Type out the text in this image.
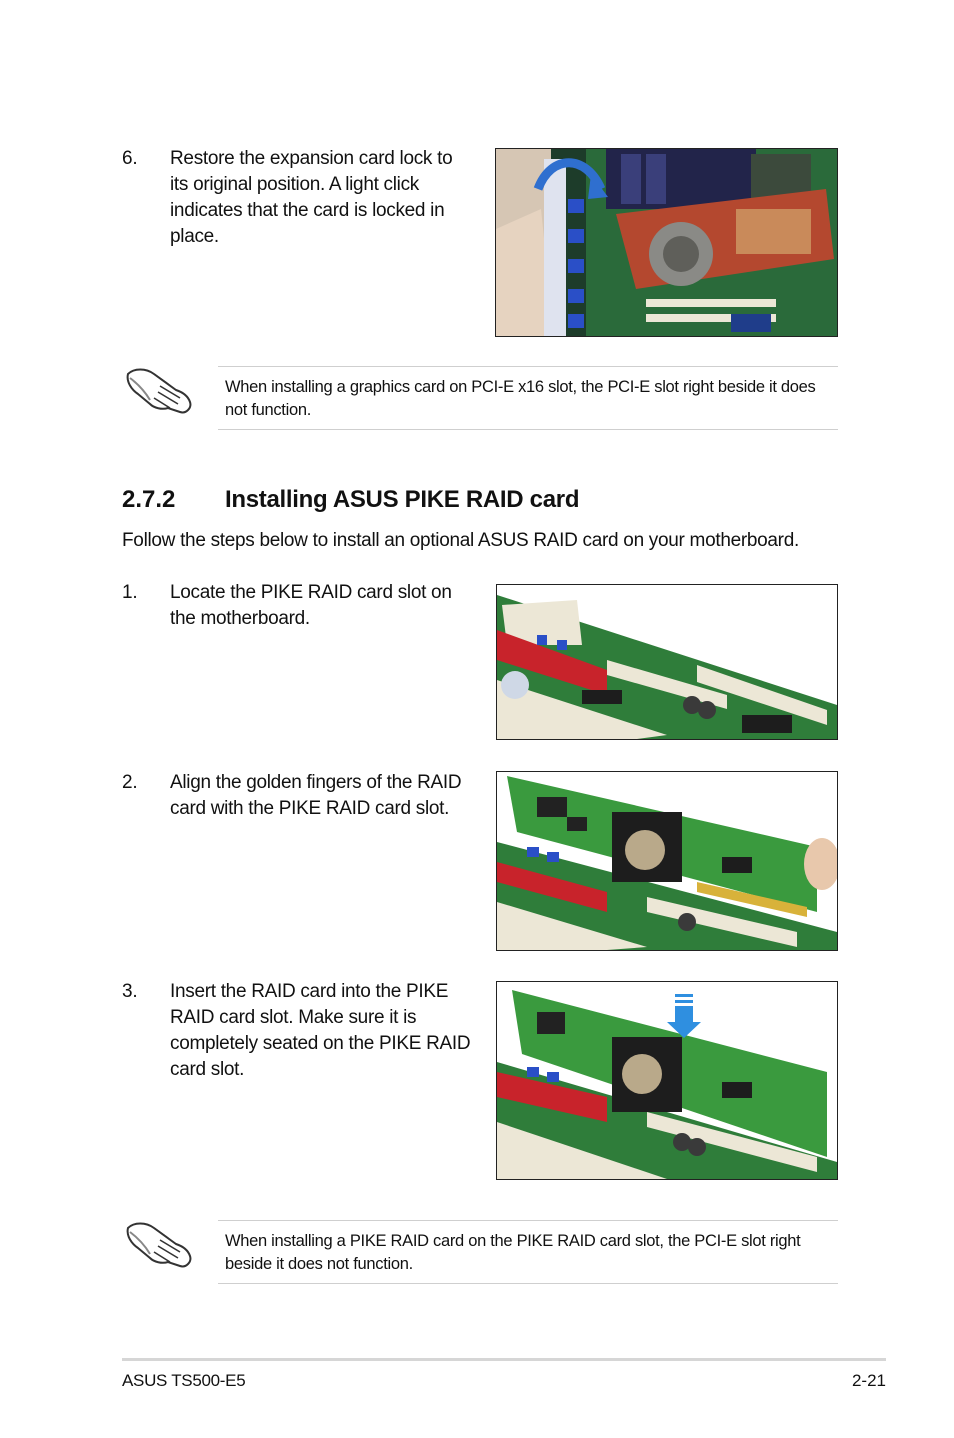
6. Restore the expansion card lock to its original position. A light click indicates that the card is locked in place.
When installing a graphics card on PCI-E x16 slot, the PCI-E slot right beside it does not function.
2.7.2 Installing ASUS PIKE RAID card
Follow the steps below to install an optional ASUS RAID card on your motherboard.
1. Locate the PIKE RAID card slot on the motherboard.
2. Align the golden fingers of the RAID card with the PIKE RAID card slot.
3. Insert the RAID card into the PIKE RAID card slot. Make sure it is completely seated on the PIKE RAID card slot.
When installing a PIKE RAID card on the PIKE RAID card slot, the PCI-E slot right beside it does not function.
ASUS TS500-E5	2-21
